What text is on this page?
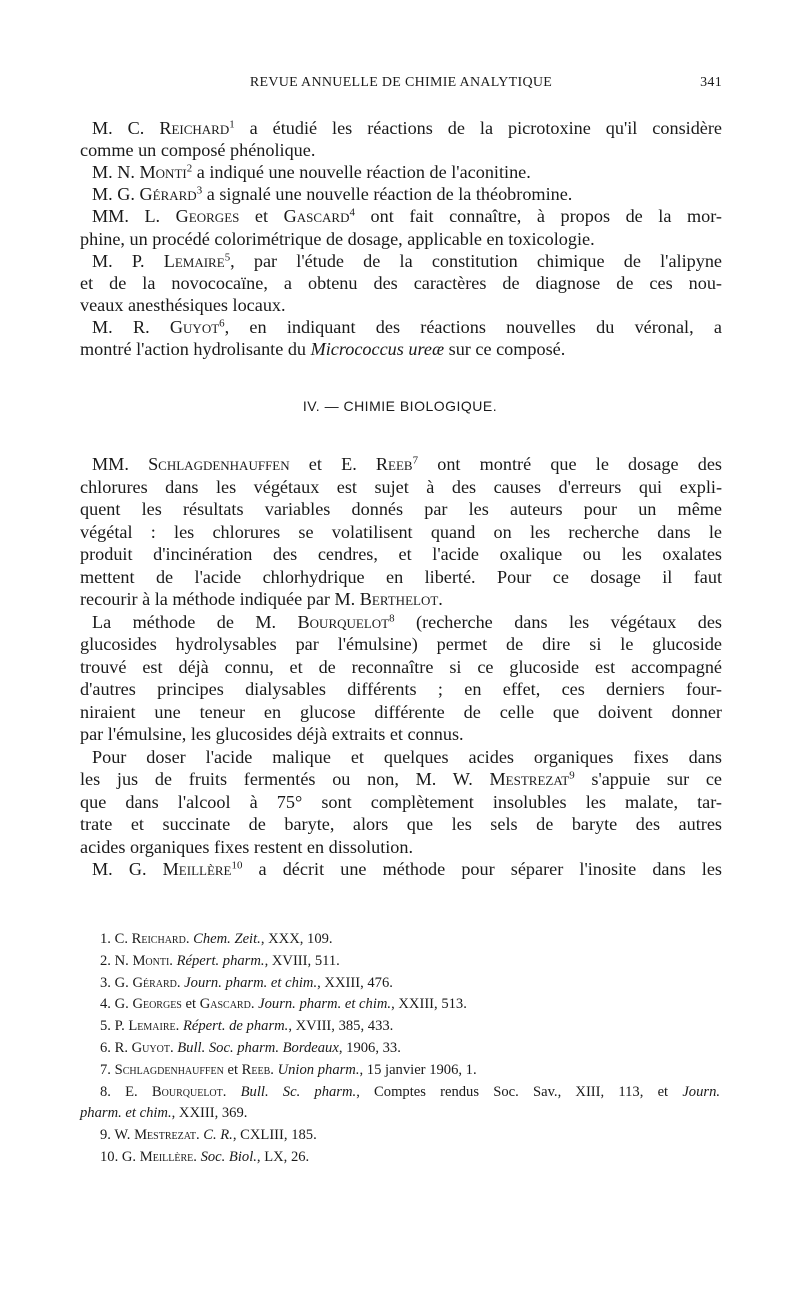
REVUE ANNUELLE DE CHIMIE ANALYTIQUE	341
M. C. Reichard$^1$ a étudié les réactions de la picrotoxine qu'il considère
comme un composé phénolique.
M. N. Monti$^2$ a indiqué une nouvelle réaction de l'aconitine.
M. G. Gérard$^3$ a signalé une nouvelle réaction de la théobromine.
MM. L. Georges et Gascard$^4$ ont fait connaître, à propos de la mor-
phine, un procédé colorimétrique de dosage, applicable en toxicologie.
M. P. Lemaire$^5$, par l'étude de la constitution chimique de l'alipyne
et de la novococaïne, a obtenu des caractères de diagnose de ces nou-
veaux anesthésiques locaux.
M. R. Guyot$^6$, en indiquant des réactions nouvelles du véronal, a
montré l'action hydrolisante du Micrococcus ureæ sur ce composé.
IV. — CHIMIE BIOLOGIQUE.
MM. Schlagdenhauffen et E. Reeb$^7$ ont montré que le dosage des
chlorures dans les végétaux est sujet à des causes d'erreurs qui expli-
quent les résultats variables donnés par les auteurs pour un même
végétal : les chlorures se volatilisent quand on les recherche dans le
produit d'incinération des cendres, et l'acide oxalique ou les oxalates
mettent de l'acide chlorhydrique en liberté. Pour ce dosage il faut
recourir à la méthode indiquée par M. Berthelot.
La méthode de M. Bourquelot$^8$ (recherche dans les végétaux des
glucosides hydrolysables par l'émulsine) permet de dire si le glucoside
trouvé est déjà connu, et de reconnaître si ce glucoside est accompagné
d'autres principes dialysables différents ; en effet, ces derniers four-
niraient une teneur en glucose différente de celle que doivent donner
par l'émulsine, les glucosides déjà extraits et connus.
Pour doser l'acide malique et quelques acides organiques fixes dans
les jus de fruits fermentés ou non, M. W. Mestrezat$^9$ s'appuie sur ce
que dans l'alcool à 75° sont complètement insolubles les malate, tar-
trate et succinate de baryte, alors que les sels de baryte des autres
acides organiques fixes restent en dissolution.
M. G. Meillère$^{10}$ a décrit une méthode pour séparer l'inosite dans les
1. C. Reichard. Chem. Zeit., XXX, 109.
2. N. Monti. Répert. pharm., XVIII, 511.
3. G. Gérard. Journ. pharm. et chim., XXIII, 476.
4. G. Georges et Gascard. Journ. pharm. et chim., XXIII, 513.
5. P. Lemaire. Répert. de pharm., XVIII, 385, 433.
6. R. Guyot. Bull. Soc. pharm. Bordeaux, 1906, 33.
7. Schlagdenhauffen et Reeb. Union pharm., 15 janvier 1906, 1.
8. E. Bourquelot. Bull. Sc. pharm., Comptes rendus Soc. Sav., XIII, 113, et Journ.
pharm. et chim., XXIII, 369.
9. W. Mestrezat. C. R., CXLIII, 185.
10. G. Meillère. Soc. Biol., LX, 26.
